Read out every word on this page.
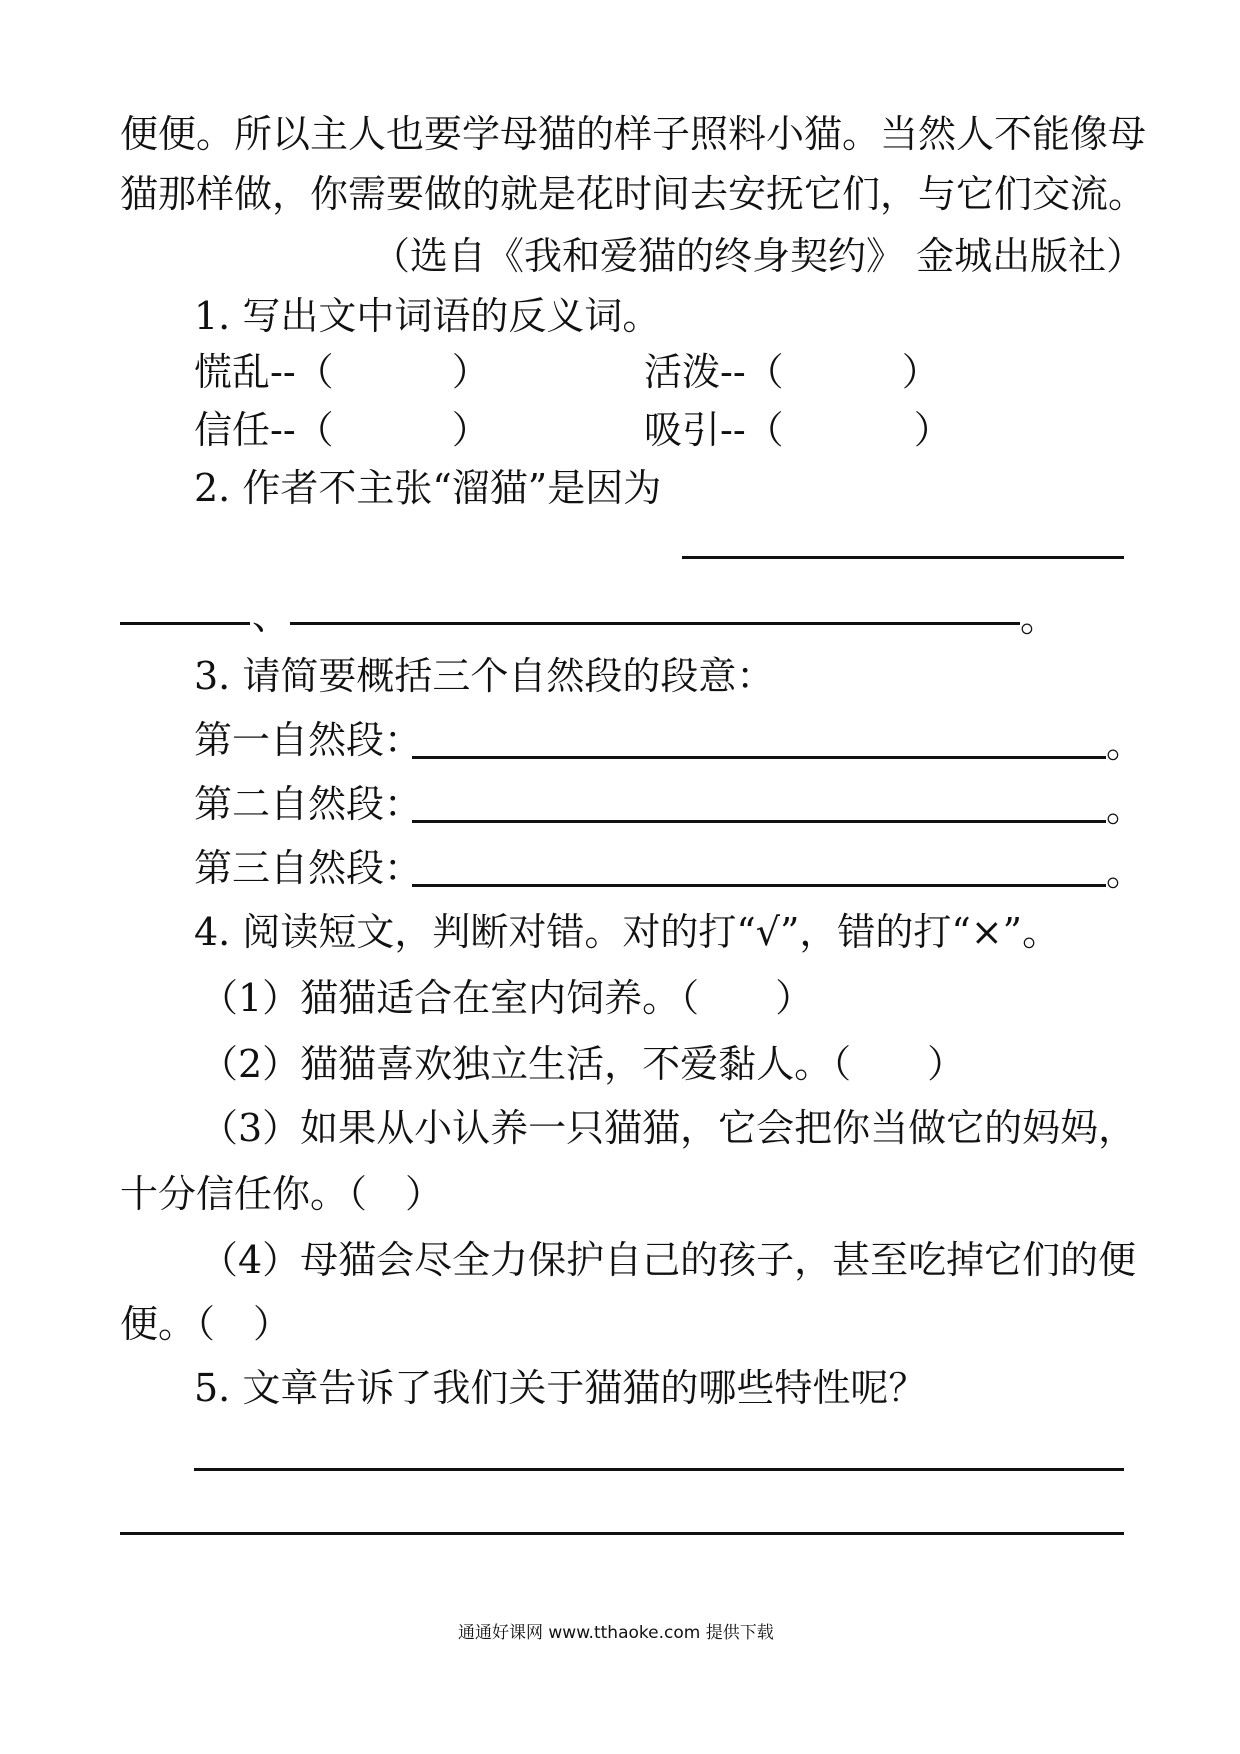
便便。所以主人也要学母猫的样子照料小猫。当然人不能像母
猫那样做，你需要做的就是花时间去安抚它们，与它们交流。
（选自《我和爱猫的终身契约》 金城出版社）
1. 写出文中词语的反义词。
慌乱--（	）	活泼--（	）
信任--（	）	吸引--（	）
2. 作者不主张“溜猫”是因为
、	。
3. 请简要概括三个自然段的段意：
第一自然段：	。
第二自然段：	。
第三自然段：	。
4. 阅读短文，判断对错。对的打“√”，错的打“×”。
（1）猫猫适合在室内饲养。（　　）
（2）猫猫喜欢独立生活，不爱黏人。（　　）
（3）如果从小认养一只猫猫，它会把你当做它的妈妈，
十分信任你。（　）
（4）母猫会尽全力保护自己的孩子，甚至吃掉它们的便
便。（　）
5. 文章告诉了我们关于猫猫的哪些特性呢？
通通好课网 www.tthaoke.com 提供下载
